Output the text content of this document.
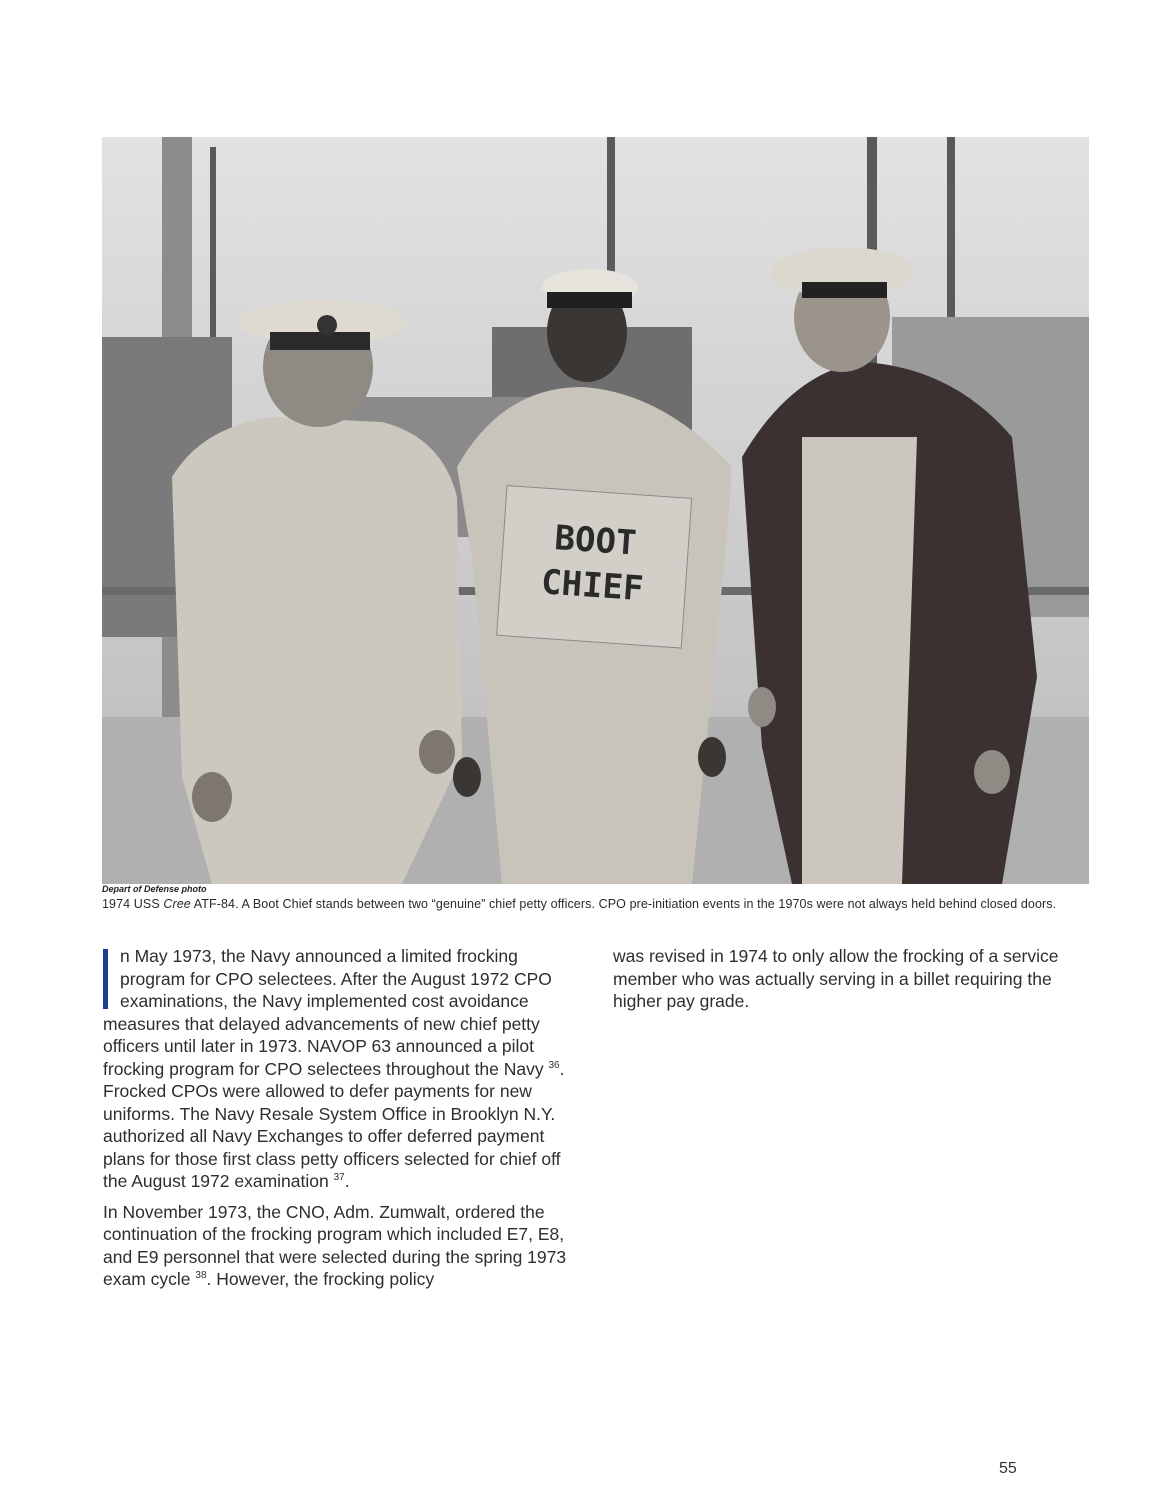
BOOT
CHIEF
Depart of Defense photo
1974 USS Cree ATF-84. A Boot Chief stands between two “genuine” chief petty officers. CPO pre-initiation events in the 1970s were not always held behind closed doors.
n May 1973, the Navy announced a limited frocking
program for CPO selectees. After the August 1972 CPO
examinations, the Navy implemented cost avoidance
measures that delayed advancements of new chief petty officers until later in 1973. NAVOP 63 announced a pilot frocking program for CPO selectees throughout the Navy $^{36}$. Frocked CPOs were allowed to defer payments for new uniforms. The Navy Resale System Office in Brooklyn N.Y. authorized all Navy Exchanges to offer deferred payment plans for those first class petty officers selected for chief off the August 1972 examination $^{37}$.
In November 1973, the CNO, Adm. Zumwalt, ordered the continuation of the frocking program which included E7, E8, and E9 personnel that were selected during the spring 1973 exam cycle $^{38}$. However, the frocking policy
was revised in 1974 to only allow the frocking of a service member who was actually serving in a billet requiring the higher pay grade.
55
